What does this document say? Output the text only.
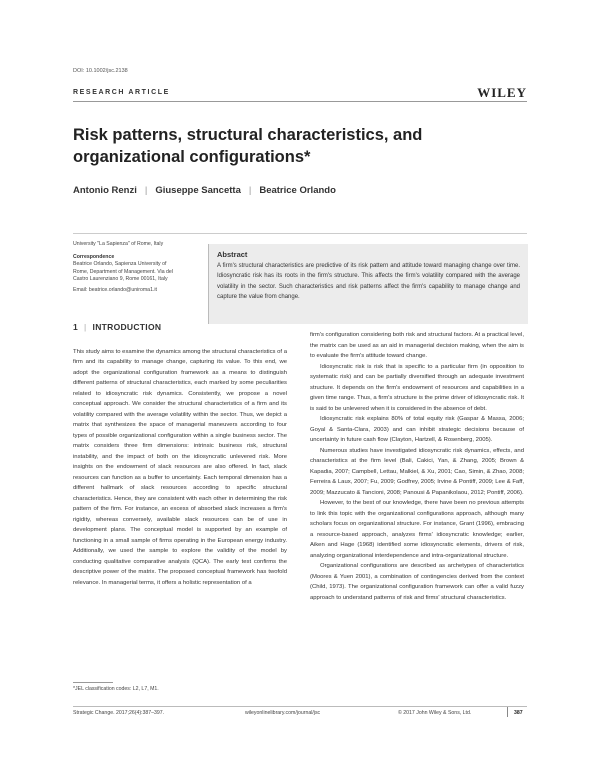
DOI: 10.1002/jsc.2138
RESEARCH ARTICLE	WILEY
Risk patterns, structural characteristics, and organizational configurations*
Antonio Renzi | Giuseppe Sancetta | Beatrice Orlando
University "La Sapienza" of Rome, Italy
Correspondence
Beatrice Orlando, Sapienza University of
Rome, Department of Management. Via del
Castro Laurenziano 9, Rome 00161, Italy
Email: beatrice.orlando@uniroma1.it
Abstract

A firm's structural characteristics are predictive of its risk pattern and attitude toward managing change over time. Idiosyncratic risk has its roots in the firm's structure. This affects the firm's volatility compared with the average volatility in the sector. Such characteristics and risk patterns affect the firm's capability to manage change and capture the value from change.

1 | INTRODUCTION

This study aims to examine the dynamics among the structural characteristics of a firm and its capability to manage change, capturing its value. To this end, we adopt the organizational configuration framework as a means to distinguish different patterns of structural characteristics, each marked by some peculiarities related to idiosyncratic risk dynamics. Consistently, we propose a novel conceptual approach. We consider the structural characteristics of a firm and its volatility compared with the average volatility within the sector. Thus, we depict a matrix that synthesizes the space of managerial maneuvers according to four types of possible organizational configuration within a single business sector. The matrix considers three firm dimensions: intrinsic business risk, structural instability, and the impact of both on the idiosyncratic unlevered risk. More insights on the endowment of slack resources are also offered. In fact, slack resources can function as a buffer to uncertainty. Each temporal dimension has a different hallmark of slack resources according to specific structural characteristics. Hence, they are consistent with each other in determining the risk pattern of the firm. For instance, an excess of absorbed slack increases a firm's rigidity, whereas conversely, available slack resources can be of use in development plans. The conceptual model is supported by an example of functioning in a small sample of firms operating in the European energy industry. Additionally, we used the sample to explore the validity of the model by conducting qualitative comparative analysis (QCA). The early test confirms the descriptive power of the matrix. The proposed conceptual framework has twofold relevance. In managerial terms, it offers a holistic representation of a

firm's configuration considering both risk and structural factors. At a practical level, the matrix can be used as an aid in managerial decision making, when the aim is to evaluate the firm's attitude toward change.

Idiosyncratic risk is risk that is specific to a particular firm (in opposition to systematic risk) and can be partially diversified through an adequate investment structure. It depends on the firm's endowment of resources and capabilities in a given time range. Thus, a firm's structure is the prime driver of idiosyncratic risk. It is said to be unlevered when it is considered in the absence of debt.

Idiosyncratic risk explains 80% of total equity risk (Gaspar & Massa, 2006; Goyal & Santa-Clara, 2003) and can inhibit strategic decisions because of uncertainty in future cash flow (Clayton, Hartzell, & Rosenberg, 2005).

Numerous studies have investigated idiosyncratic risk dynamics, effects, and characteristics at the firm level (Bali, Cakici, Yan, & Zhang, 2005; Brown & Kapadia, 2007; Campbell, Lettau, Malkiel, & Xu, 2001; Cao, Simin, & Zhao, 2008; Ferreira & Laux, 2007; Fu, 2009; Godfrey, 2005; Irvine & Pontiff, 2009; Lee & Faff, 2009; Mazzucato & Tancioni, 2008; Panousi & Papanikolaou, 2012; Pontiff, 2006).

However, to the best of our knowledge, there have been no previous attempts to link this topic with the organizational configurations approach, although many scholars focus on organizational structure. For instance, Grant (1996), embracing a resource-based approach, analyzes firms' idiosyncratic knowledge; earlier, Aiken and Hage (1968) identified some idiosyncratic elements, drivers of risk, analyzing organizational interdependence and intra-organizational structure.

Organizational configurations are described as archetypes of characteristics (Moores & Yuen 2001), a combination of contingencies derived from the context (Child, 1973). The organizational configuration framework can offer a valid fuzzy approach to understand patterns of risk and firms' structural characteristics.

*JEL classification codes: L2, L7, M1.
Strategic Change. 2017;26(4):387–397.	wileyonlinelibrary.com/journal/jsc	© 2017 John Wiley & Sons, Ltd.	387
